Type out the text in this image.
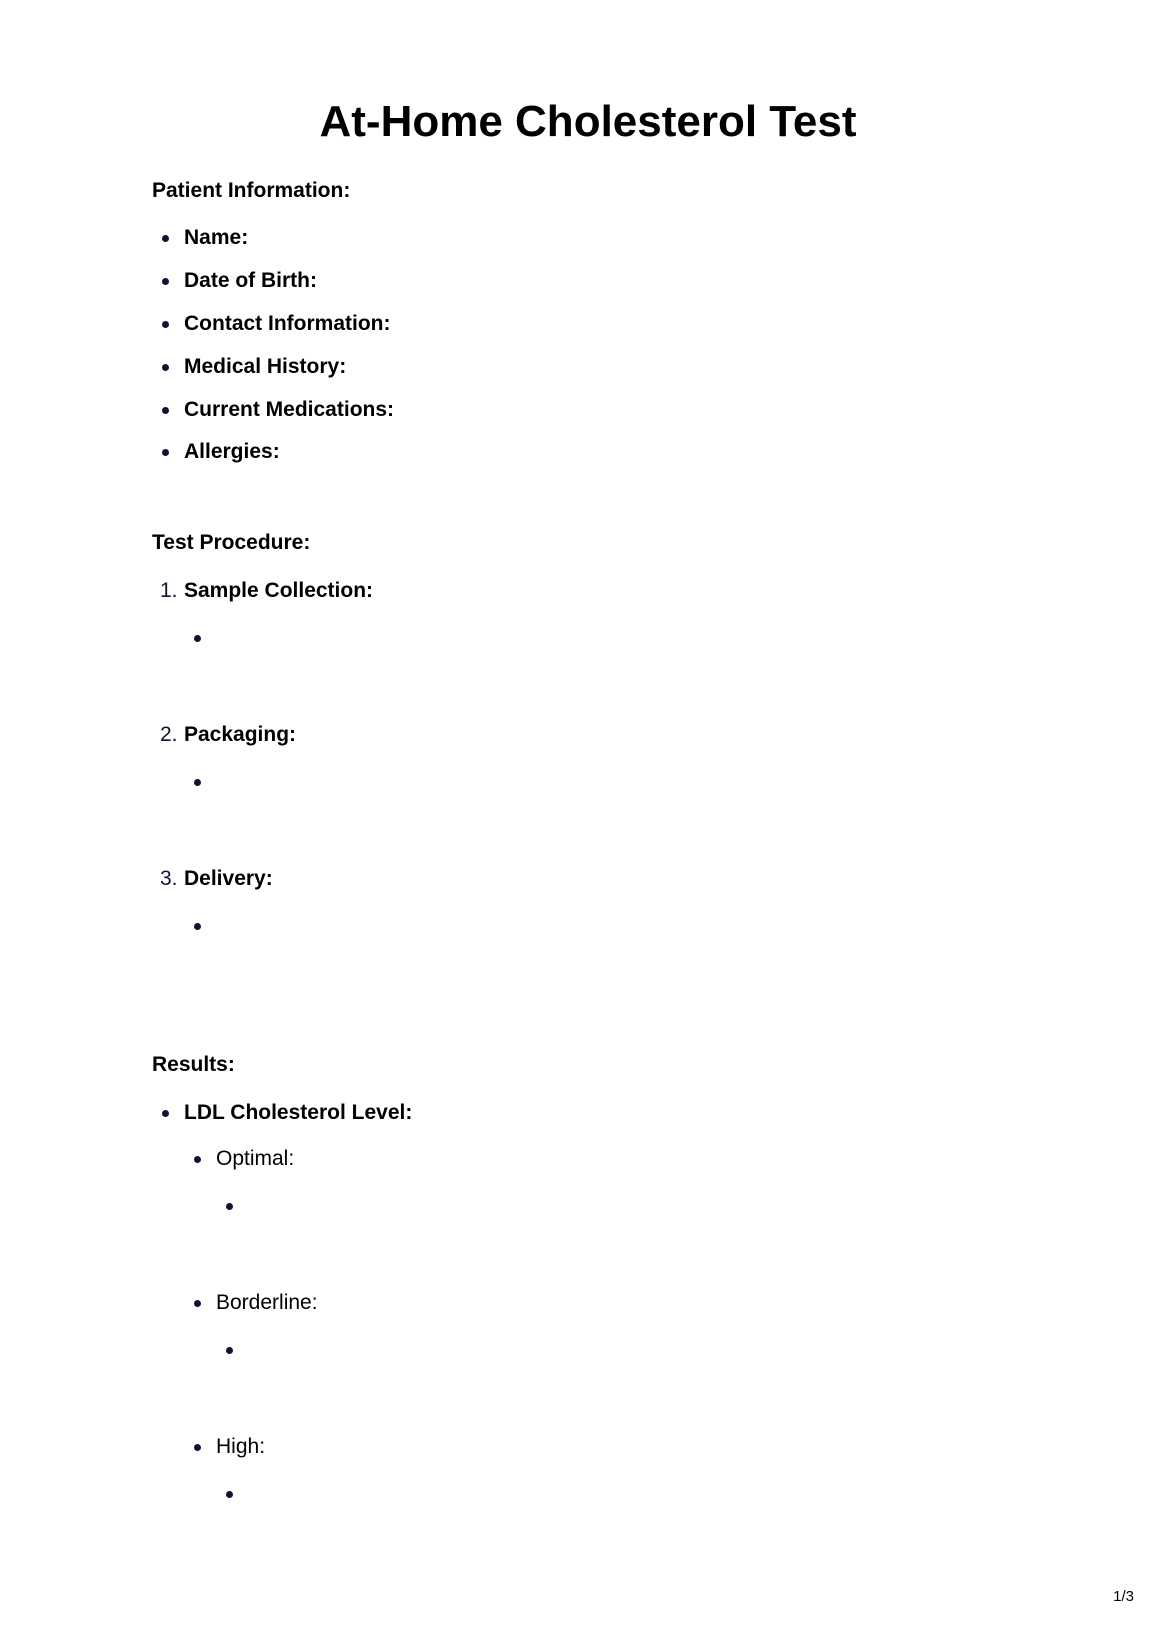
At-Home Cholesterol Test
Patient Information:
Name:
Date of Birth:
Contact Information:
Medical History:
Current Medications:
Allergies:
Test Procedure:
1. Sample Collection:
2. Packaging:
3. Delivery:
Results:
LDL Cholesterol Level:
Optimal:
Borderline:
High:
1/3
